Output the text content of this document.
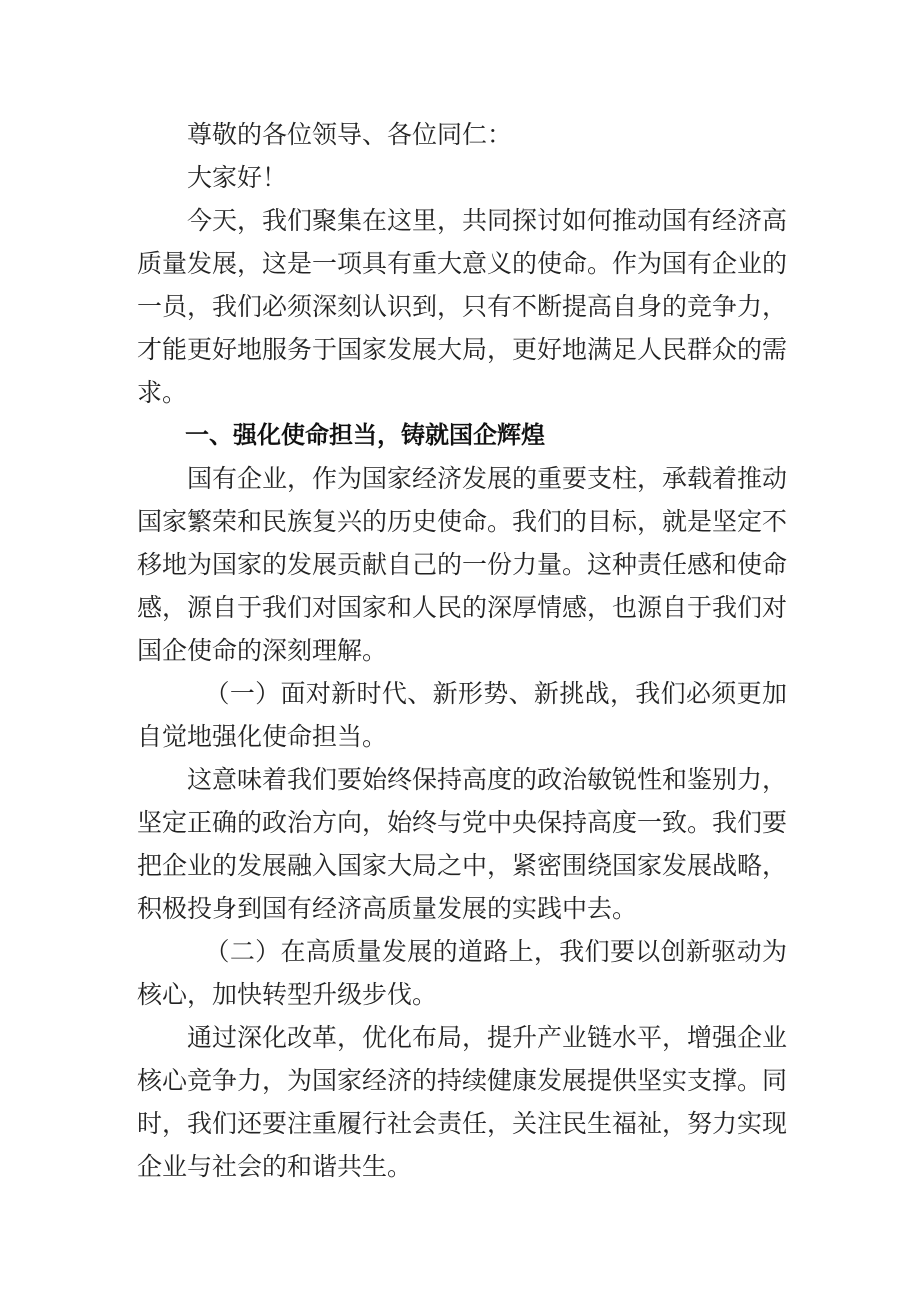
尊敬的各位领导、各位同仁：

大家好！

今天，我们聚集在这里，共同探讨如何推动国有经济高质量发展，这是一项具有重大意义的使命。作为国有企业的一员，我们必须深刻认识到，只有不断提高自身的竞争力，才能更好地服务于国家发展大局，更好地满足人民群众的需求。

一、强化使命担当，铸就国企辉煌

国有企业，作为国家经济发展的重要支柱，承载着推动国家繁荣和民族复兴的历史使命。我们的目标，就是坚定不移地为国家的发展贡献自己的一份力量。这种责任感和使命感，源自于我们对国家和人民的深厚情感，也源自于我们对国企使命的深刻理解。

（一）面对新时代、新形势、新挑战，我们必须更加自觉地强化使命担当。

这意味着我们要始终保持高度的政治敏锐性和鉴别力，坚定正确的政治方向，始终与党中央保持高度一致。我们要把企业的发展融入国家大局之中，紧密围绕国家发展战略，积极投身到国有经济高质量发展的实践中去。

（二）在高质量发展的道路上，我们要以创新驱动为核心，加快转型升级步伐。

通过深化改革，优化布局，提升产业链水平，增强企业核心竞争力，为国家经济的持续健康发展提供坚实支撑。同时，我们还要注重履行社会责任，关注民生福祉，努力实现企业与社会的和谐共生。
